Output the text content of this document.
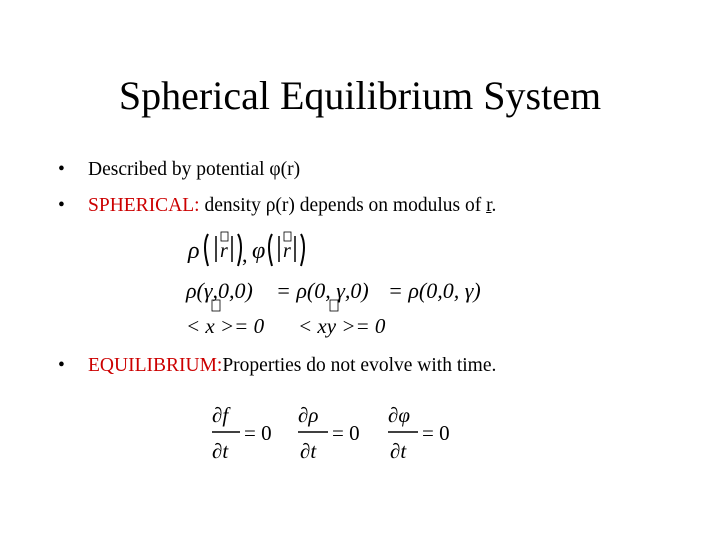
Spherical Equilibrium System
• Described by potential φ(r)
• SPHERICAL: density ρ(r) depends on modulus of r.
ρ r , φ r
ρ(γ,0,0) = ρ(0, γ,0) = ρ(0,0, γ)
< x >= 0 < xy >= 0
∂f
∂t
= 0
∂ρ
∂t
= 0
∂φ
∂t
= 0
• EQUILIBRIUM:Properties do not evolve with time.
